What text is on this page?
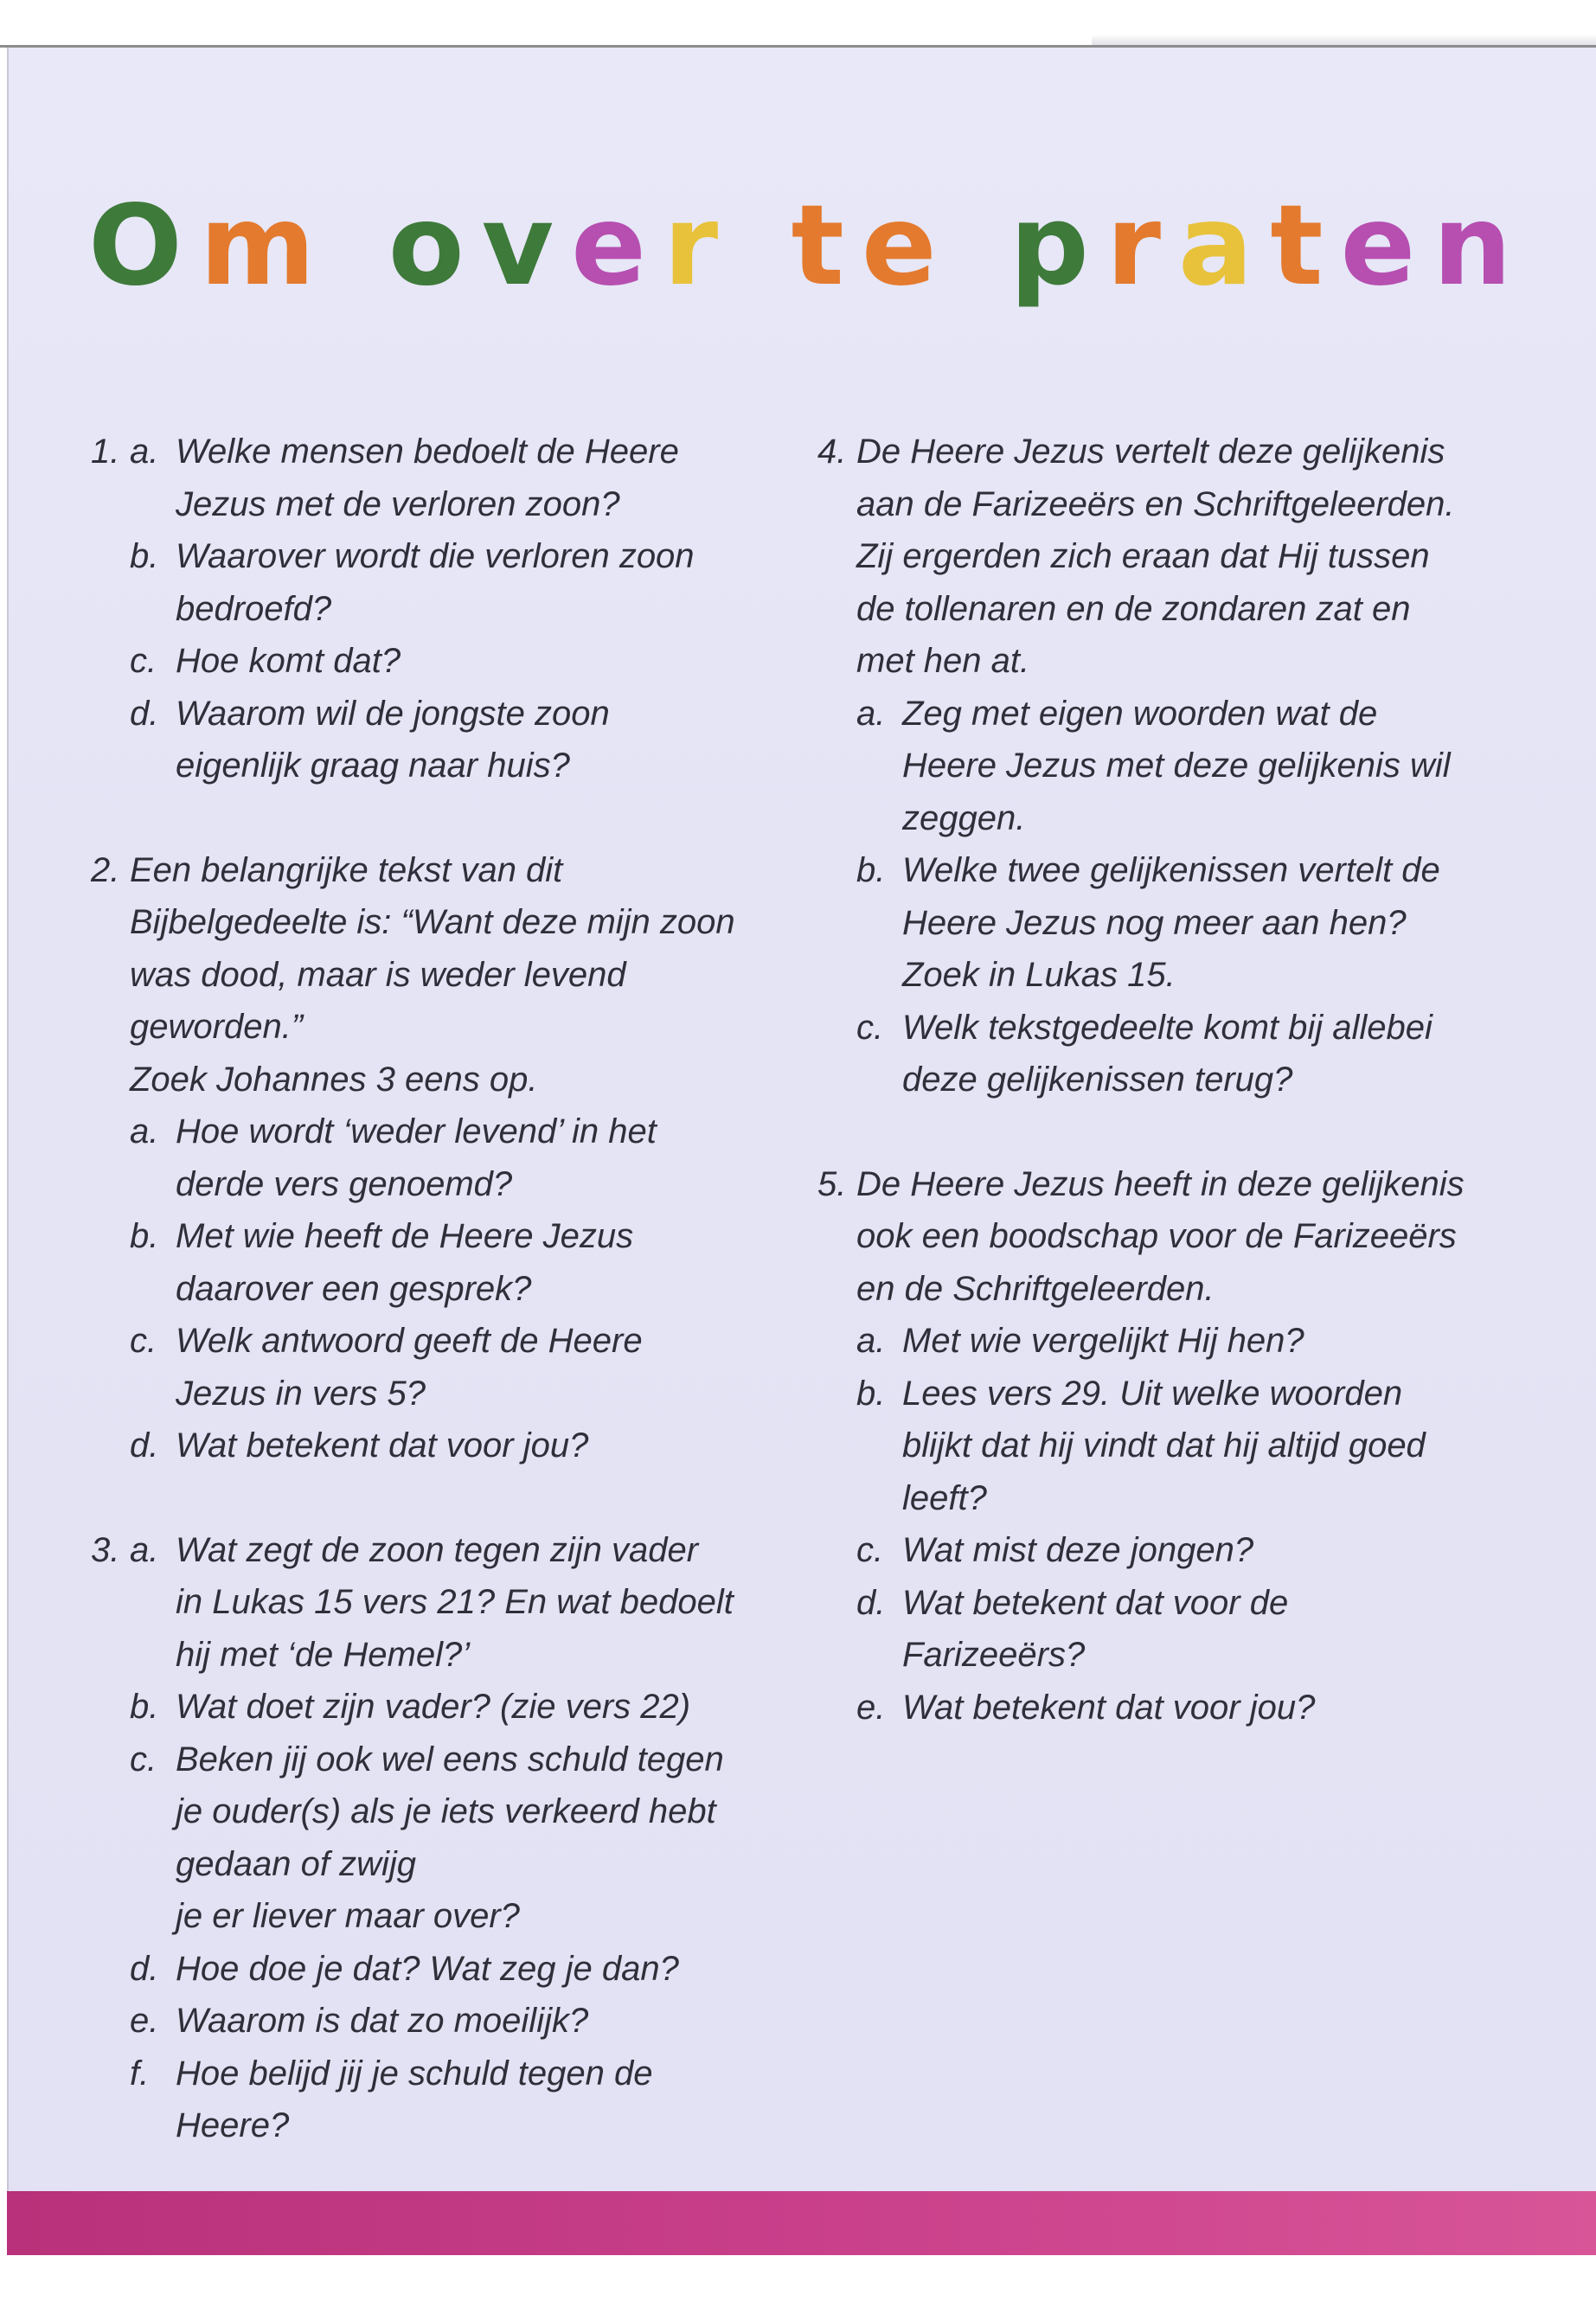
Om over te praten
1. a. Welke mensen bedoelt de Heere
Jezus met de verloren zoon?
b. Waarover wordt die verloren zoon
bedroefd?
c. Hoe komt dat?
d. Waarom wil de jongste zoon
eigenlijk graag naar huis?
2. Een belangrijke tekst van dit
Bijbelgedeelte is: “Want deze mijn zoon
was dood, maar is weder levend
geworden.”
Zoek Johannes 3 eens op.
a. Hoe wordt ‘weder levend’ in het
derde vers genoemd?
b. Met wie heeft de Heere Jezus
daarover een gesprek?
c. Welk antwoord geeft de Heere
Jezus in vers 5?
d. Wat betekent dat voor jou?
3. a. Wat zegt de zoon tegen zijn vader
in Lukas 15 vers 21? En wat bedoelt
hij met ‘de Hemel?’
b. Wat doet zijn vader? (zie vers 22)
c. Beken jij ook wel eens schuld tegen
je ouder(s) als je iets verkeerd hebt
gedaan of zwijg
je er liever maar over?
d. Hoe doe je dat? Wat zeg je dan?
e. Waarom is dat zo moeilijk?
f. Hoe belijd jij je schuld tegen de
Heere?
4. De Heere Jezus vertelt deze gelijkenis
aan de Farizeeërs en Schriftgeleerden.
Zij ergerden zich eraan dat Hij tussen
de tollenaren en de zondaren zat en
met hen at.
a. Zeg met eigen woorden wat de
Heere Jezus met deze gelijkenis wil
zeggen.
b. Welke twee gelijkenissen vertelt de
Heere Jezus nog meer aan hen?
Zoek in Lukas 15.
c. Welk tekstgedeelte komt bij allebei
deze gelijkenissen terug?
5. De Heere Jezus heeft in deze gelijkenis
ook een boodschap voor de Farizeeërs
en de Schriftgeleerden.
a. Met wie vergelijkt Hij hen?
b. Lees vers 29. Uit welke woorden
blijkt dat hij vindt dat hij altijd goed
leeft?
c. Wat mist deze jongen?
d. Wat betekent dat voor de
Farizeeërs?
e. Wat betekent dat voor jou?
